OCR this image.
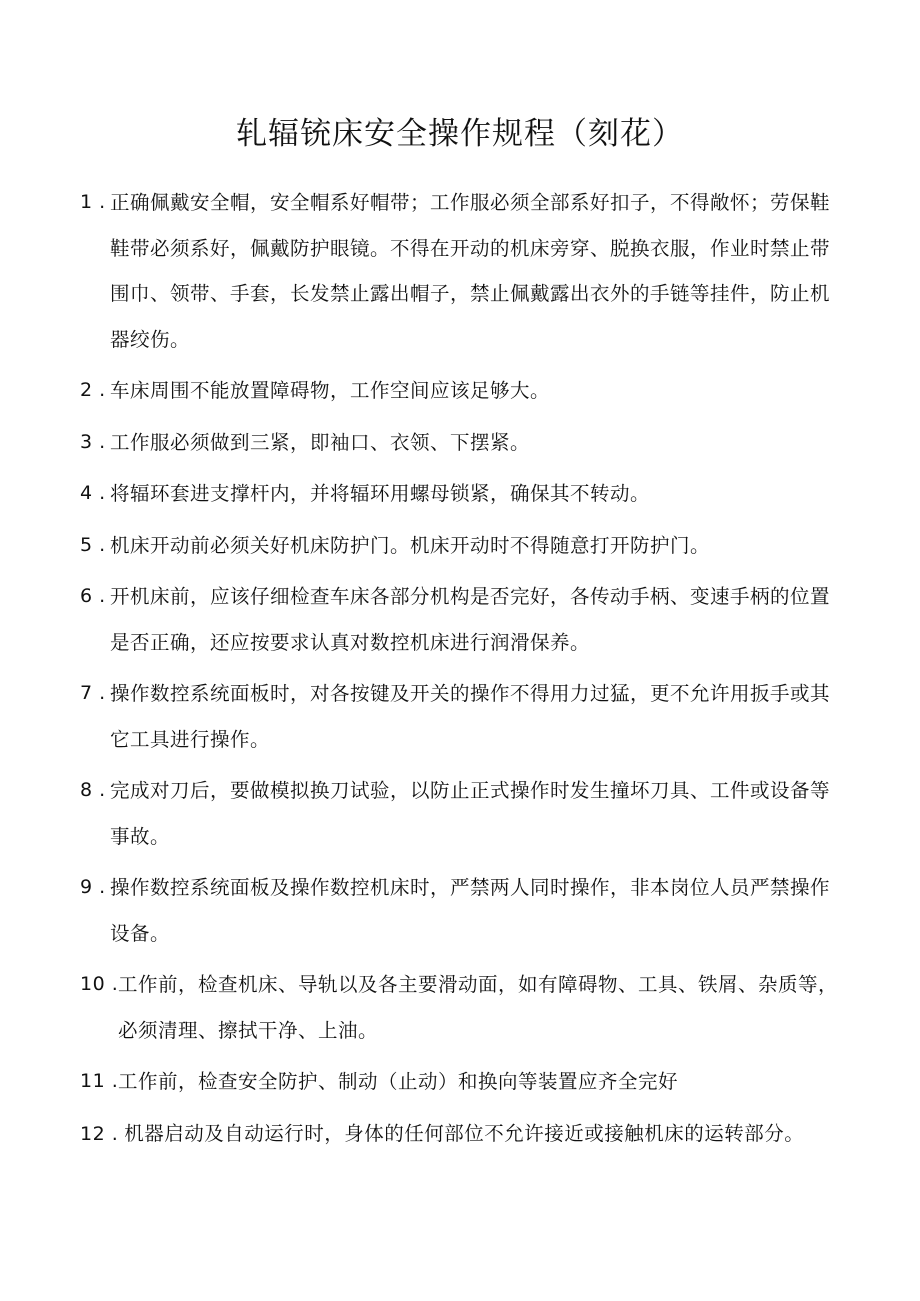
轧辐铳床安全操作规程（刻花）
1 . 正确佩戴安全帽，安全帽系好帽带；工作服必须全部系好扣子，不得敞怀；劳保鞋鞋带必须系好，佩戴防护眼镜。不得在开动的机床旁穿、脱换衣服，作业时禁止带围巾、领带、手套，长发禁止露出帽子，禁止佩戴露出衣外的手链等挂件，防止机器绞伤。
2 . 车床周围不能放置障碍物，工作空间应该足够大。
3 . 工作服必须做到三紧，即袖口、衣领、下摆紧。
4 . 将辐环套进支撑杆内，并将辐环用螺母锁紧，确保其不转动。
5 . 机床开动前必须关好机床防护门。机床开动时不得随意打开防护门。
6 . 开机床前，应该仔细检查车床各部分机构是否完好，各传动手柄、变速手柄的位置是否正确，还应按要求认真对数控机床进行润滑保养。
7 . 操作数控系统面板时，对各按键及开关的操作不得用力过猛，更不允许用扳手或其它工具进行操作。
8 . 完成对刀后，要做模拟换刀试验，以防止正式操作时发生撞坏刀具、工件或设备等事故。
9 . 操作数控系统面板及操作数控机床时，严禁两人同时操作，非本岗位人员严禁操作设备。
10 . 工作前，检查机床、导轨以及各主要滑动面，如有障碍物、工具、铁屑、杂质等，必须清理、擦拭干净、上油。
11 . 工作前，检查安全防护、制动（止动）和换向等装置应齐全完好
12 . 机器启动及自动运行时，身体的任何部位不允许接近或接触机床的运转部分。
